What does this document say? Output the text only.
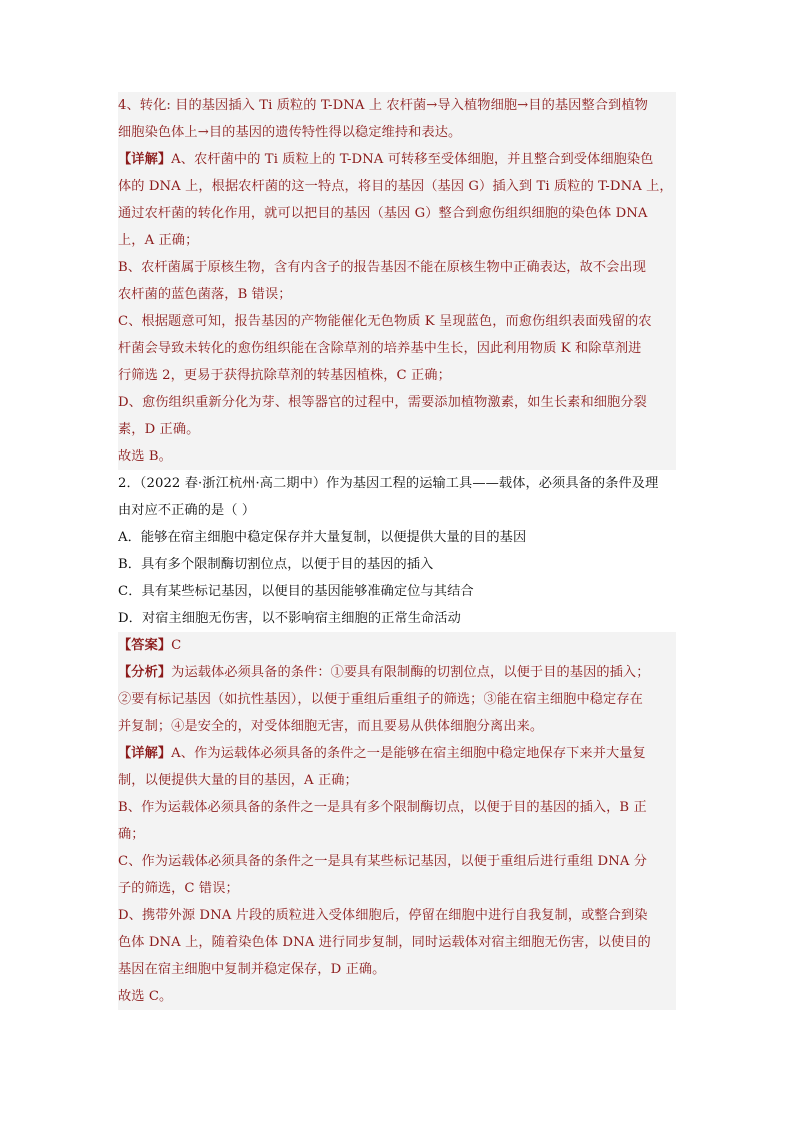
4、转化: 目的基因插入 Ti 质粒的 T-DNA 上 农杆菌→导入植物细胞→目的基因整合到植物
细胞染色体上→目的基因的遗传特性得以稳定维持和表达。
【详解】A、农杆菌中的 Ti 质粒上的 T-DNA 可转移至受体细胞，并且整合到受体细胞染色
体的 DNA 上，根据农杆菌的这一特点，将目的基因（基因 G）插入到 Ti 质粒的 T-DNA 上，
通过农杆菌的转化作用，就可以把目的基因（基因 G）整合到愈伤组织细胞的染色体 DNA
上，A 正确；
B、农杆菌属于原核生物，含有内含子的报告基因不能在原核生物中正确表达，故不会出现
农杆菌的蓝色菌落，B 错误；
C、根据题意可知，报告基因的产物能催化无色物质 K 呈现蓝色，而愈伤组织表面残留的农
杆菌会导致未转化的愈伤组织能在含除草剂的培养基中生长，因此利用物质 K 和除草剂进
行筛选 2，更易于获得抗除草剂的转基因植株，C 正确；
D、愈伤组织重新分化为芽、根等器官的过程中，需要添加植物激素，如生长素和细胞分裂
素，D 正确。
故选 B。
2．（2022 春·浙江杭州·高二期中）作为基因工程的运输工具——载体，必须具备的条件及理
由对应不正确的是（ ）
A．能够在宿主细胞中稳定保存并大量复制，以便提供大量的目的基因
B．具有多个限制酶切割位点，以便于目的基因的插入
C．具有某些标记基因，以便目的基因能够准确定位与其结合
D．对宿主细胞无伤害，以不影响宿主细胞的正常生命活动
【答案】C
【分析】为运载体必须具备的条件：①要具有限制酶的切割位点，以便于目的基因的插入；
②要有标记基因（如抗性基因），以便于重组后重组子的筛选；③能在宿主细胞中稳定存在
并复制；④是安全的，对受体细胞无害，而且要易从供体细胞分离出来。
【详解】A、作为运载体必须具备的条件之一是能够在宿主细胞中稳定地保存下来并大量复
制，以便提供大量的目的基因，A 正确；
B、作为运载体必须具备的条件之一是具有多个限制酶切点，以便于目的基因的插入，B 正
确；
C、作为运载体必须具备的条件之一是具有某些标记基因，以便于重组后进行重组 DNA 分
子的筛选，C 错误；
D、携带外源 DNA 片段的质粒进入受体细胞后，停留在细胞中进行自我复制，或整合到染
色体 DNA 上，随着染色体 DNA 进行同步复制，同时运载体对宿主细胞无伤害，以使目的
基因在宿主细胞中复制并稳定保存，D 正确。
故选 C。
